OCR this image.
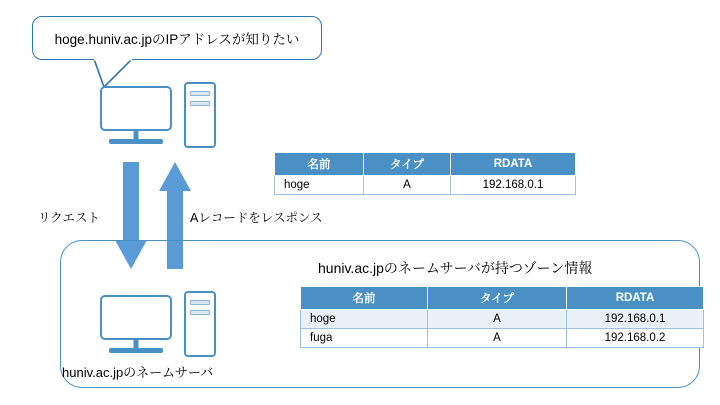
hoge.huniv.ac.jpのIPアドレスが知りたい
リクエスト	Aレコードをレスポンス
名前	タイプ	RDATA
hoge	A	192.168.0.1
huniv.ac.jpのネームサーバ
huniv.ac.jpのネームサーバが持つゾーン情報
名前	タイプ	RDATA
hoge	A	192.168.0.1
fuga	A	192.168.0.2
